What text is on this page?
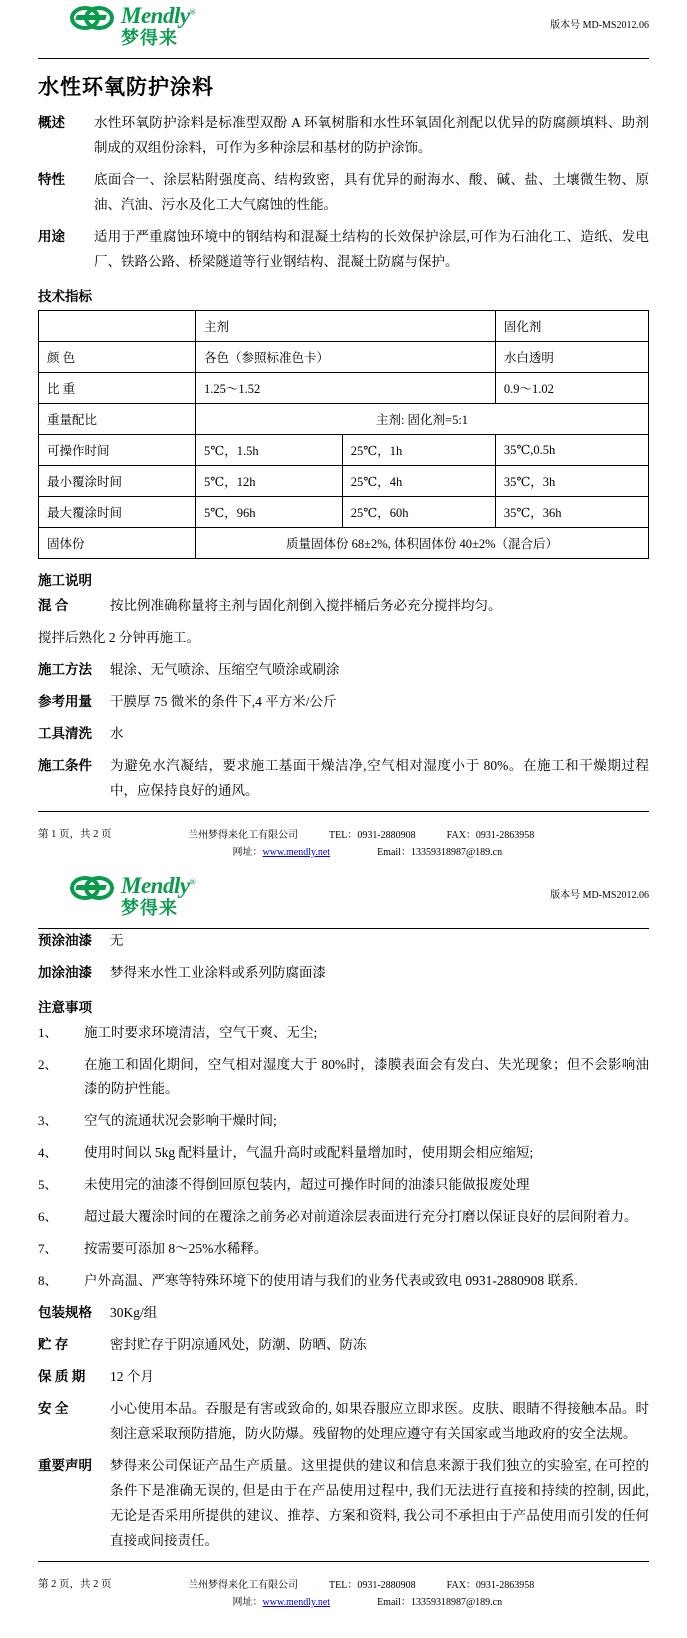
Mendly®
梦得来
版本号 MD-MS2012.06
水性环氧防护涂料
概述	水性环氧防护涂料是标准型双酚 A 环氧树脂和水性环氧固化剂配以优异的防腐颜填料、助剂制成的双组份涂料，可作为多种涂层和基材的防护涂饰。
特性	底面合一、涂层粘附强度高、结构致密，具有优异的耐海水、酸、碱、盐、土壤微生物、原油、汽油、污水及化工大气腐蚀的性能。
用途	适用于严重腐蚀环境中的钢结构和混凝土结构的长效保护涂层,可作为石油化工、造纸、发电厂、铁路公路、桥梁隧道等行业钢结构、混凝土防腐与保护。
技术指标
	主剂		固化剂
颜 色	各色（参照标准色卡）		水白透明
比 重	1.25～1.52		0.9～1.02
重量配比	主剂: 固化剂=5:1		
可操作时间	5℃，1.5h	25℃，1h	35℃,0.5h
最小覆涂时间	5℃，12h	25℃，4h	35℃，3h
最大覆涂时间	5℃，96h	25℃，60h	35℃，36h
固体份	质量固体份 68±2%, 体积固体份 40±2%（混合后）		
施工说明
混 合	按比例准确称量将主剂与固化剂倒入搅拌桶后务必充分搅拌均匀。
搅拌后熟化 2 分钟再施工。
施工方法	辊涂、无气喷涂、压缩空气喷涂或刷涂
参考用量	干膜厚 75 微米的条件下,4 平方米/公斤
工具清洗	水
施工条件	为避免水汽凝结，要求施工基面干燥洁净,空气相对湿度小于 80%。在施工和干燥期过程中，应保持良好的通风。
第 1 页，共 2 页	兰州梦得来化工有限公司	TEL：0931-2880908	FAX：0931-2863958
网址：www.mendly.net	Email：13359318987@189.cn
Mendly®
梦得来
版本号 MD-MS2012.06
预涂油漆	无
加涂油漆	梦得来水性工业涂料或系列防腐面漆
注意事项
1、	施工时要求环境清洁，空气干爽、无尘;
2、	在施工和固化期间，空气相对湿度大于 80%时，漆膜表面会有发白、失光现象；但不会影响油漆的防护性能。
3、	空气的流通状况会影响干燥时间;
4、	使用时间以 5kg 配料量计，气温升高时或配料量增加时，使用期会相应缩短;
5、	未使用完的油漆不得倒回原包装内，超过可操作时间的油漆只能做报废处理
6、	超过最大覆涂时间的在覆涂之前务必对前道涂层表面进行充分打磨以保证良好的层间附着力。
7、	按需要可添加 8～25%水稀释。
8、	户外高温、严寒等特殊环境下的使用请与我们的业务代表或致电 0931-2880908 联系.
包装规格	30Kg/组
贮 存	密封贮存于阴凉通风处，防潮、防晒、防冻
保 质 期	12 个月
安 全	小心使用本品。吞服是有害或致命的, 如果吞服应立即求医。皮肤、眼睛不得接触本品。时刻注意采取预防措施，防火防爆。残留物的处理应遵守有关国家或当地政府的安全法规。
重要声明	梦得来公司保证产品生产质量。这里提供的建议和信息来源于我们独立的实验室, 在可控的条件下是准确无误的, 但是由于在产品使用过程中, 我们无法进行直接和持续的控制, 因此, 无论是否采用所提供的建议、推荐、方案和资料, 我公司不承担由于产品使用而引发的任何直接或间接责任。
第 2 页，共 2 页	兰州梦得来化工有限公司	TEL：0931-2880908	FAX：0931-2863958
网址：www.mendly.net	Email：13359318987@189.cn
